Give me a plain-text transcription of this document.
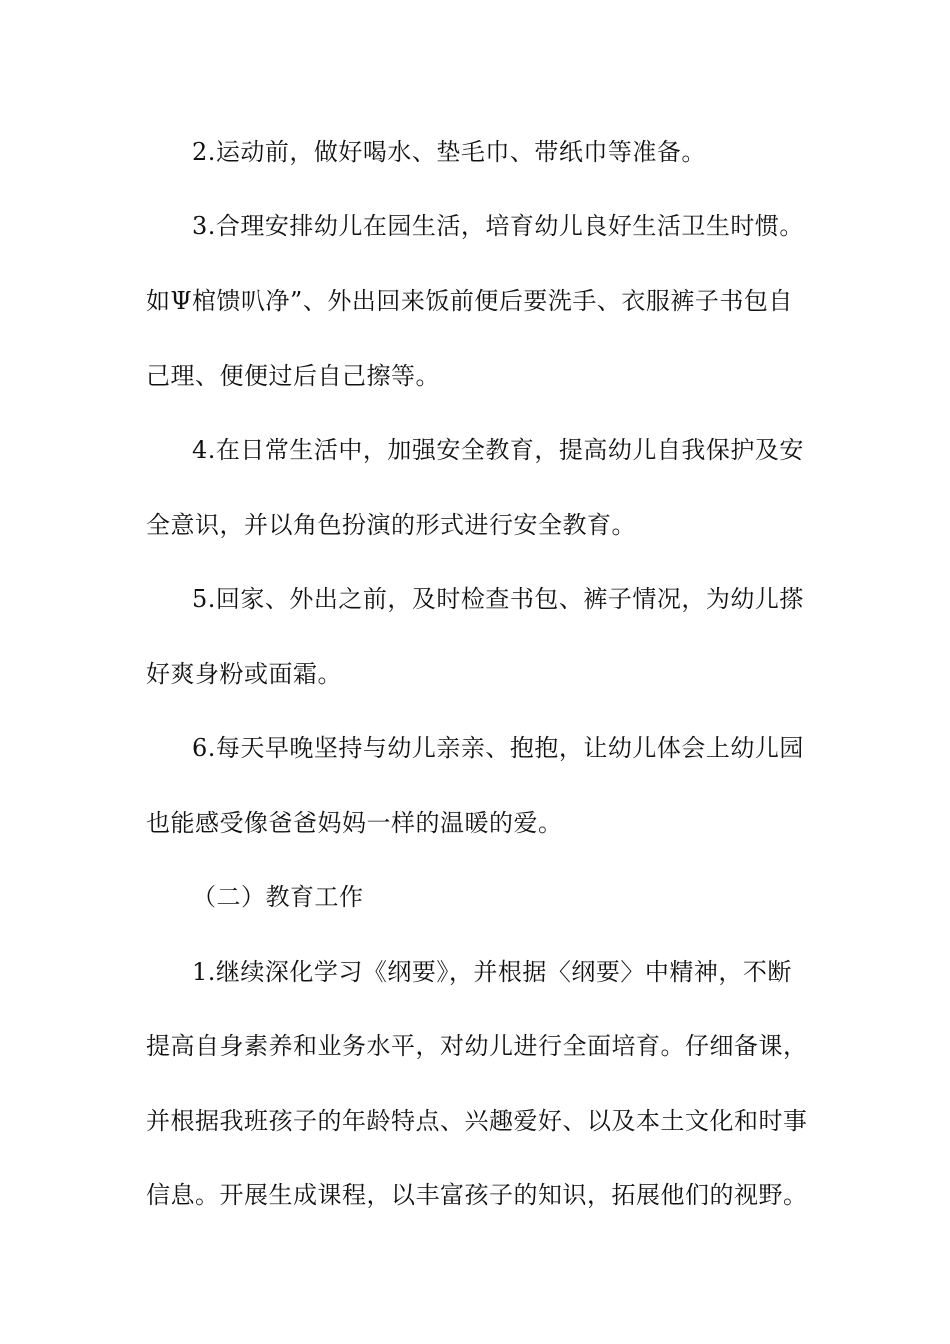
2.运动前，做好喝水、垫毛巾、带纸巾等准备。
3.合理安排幼儿在园生活，培育幼儿良好生活卫生时惯。
如Ψ棺馈叭净”、外出回来饭前便后要洗手、衣服裤子书包自
己理、便便过后自己擦等。
4.在日常生活中，加强安全教育，提高幼儿自我保护及安
全意识，并以角色扮演的形式进行安全教育。
5.回家、外出之前，及时检查书包、裤子情况，为幼儿搽
好爽身粉或面霜。
6.每天早晚坚持与幼儿亲亲、抱抱，让幼儿体会上幼儿园
也能感受像爸爸妈妈一样的温暖的爱。
（二）教育工作
1.继续深化学习《纲要》，并根据〈纲要〉中精神，不断
提高自身素养和业务水平，对幼儿进行全面培育。仔细备课，
并根据我班孩子的年龄特点、兴趣爱好、以及本土文化和时事
信息。开展生成课程，以丰富孩子的知识，拓展他们的视野。
